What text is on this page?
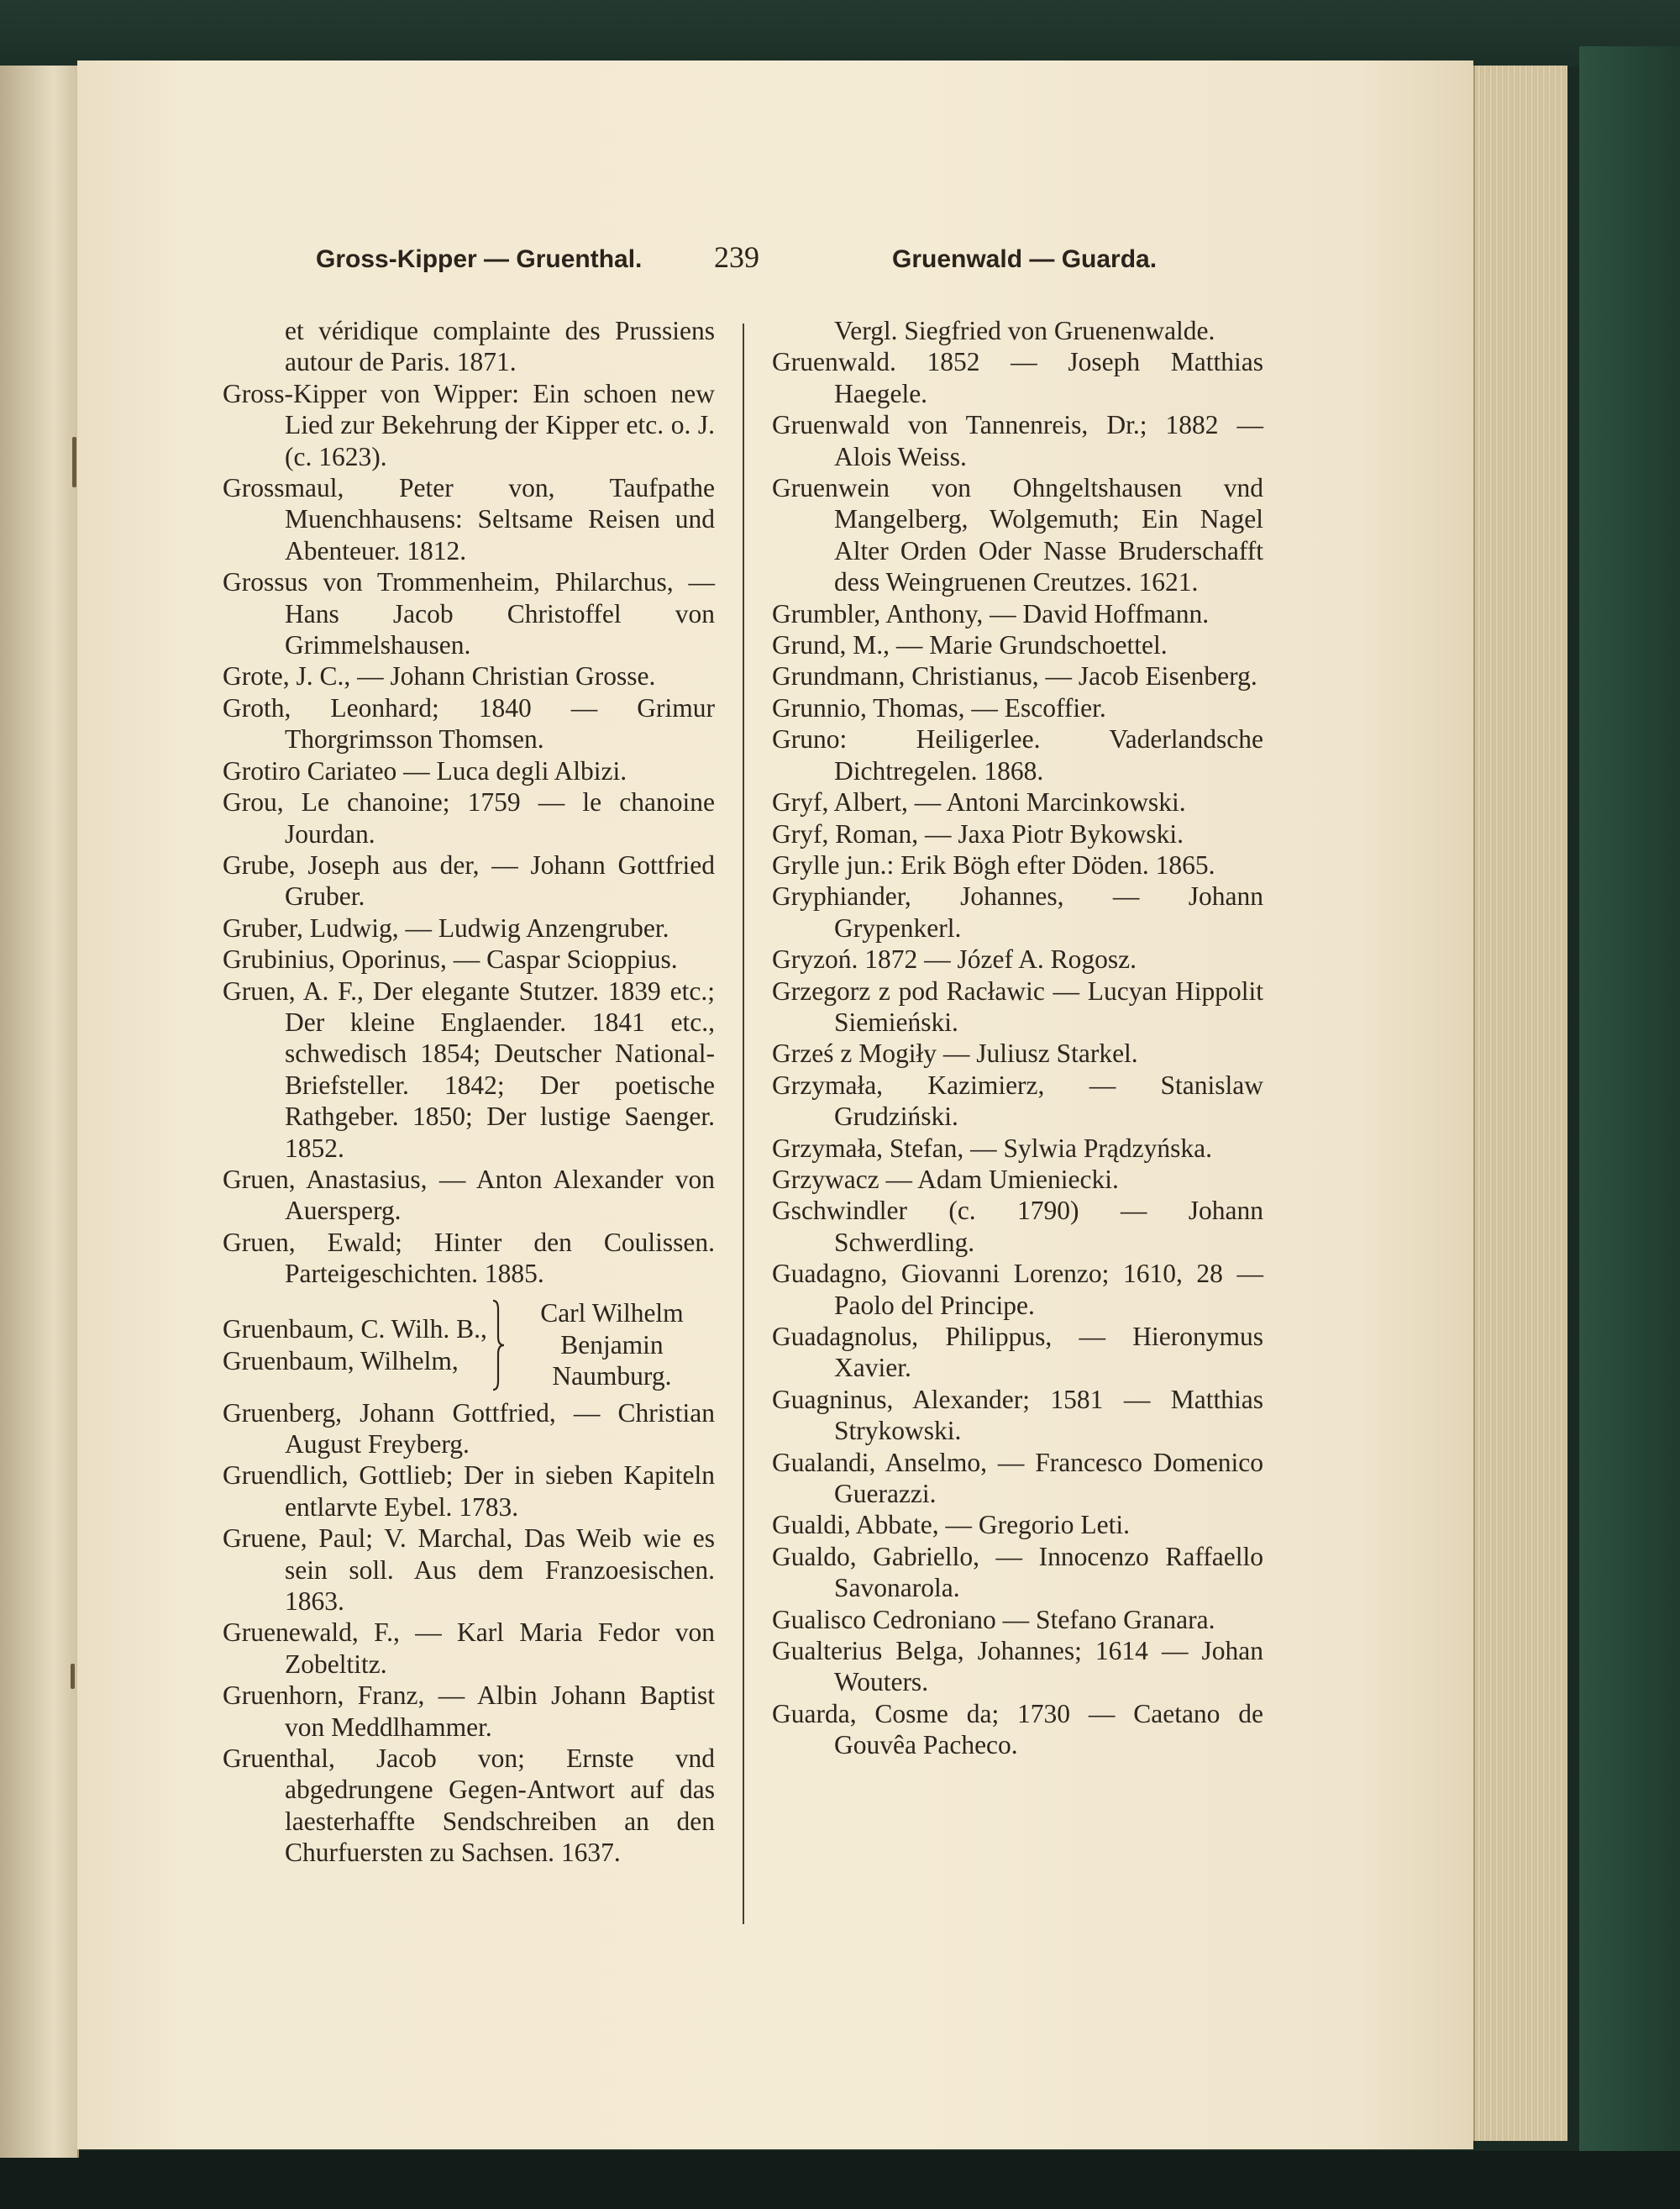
Gross-Kipper — Gruenthal. 239	Gruenwald — Guarda.

et véridique complainte des Prussiens autour de Paris. 1871.

Gross-Kipper von Wipper: Ein schoen new Lied zur Bekehrung der Kipper etc. o. J. (c. 1623).

Grossmaul, Peter von, Taufpathe Muenchhausens: Seltsame Reisen und Abenteuer. 1812.

Grossus von Trommenheim, Philarchus, — Hans Jacob Christoffel von Grimmelshausen.

Grote, J. C., — Johann Christian Grosse.

Groth, Leonhard; 1840 — Grimur Thorgrimsson Thomsen.

Grotiro Cariateo — Luca degli Albizi.

Grou, Le chanoine; 1759 — le chanoine Jourdan.

Grube, Joseph aus der, — Johann Gottfried Gruber.

Gruber, Ludwig, — Ludwig Anzengruber.

Grubinius, Oporinus, — Caspar Scioppius.

Gruen, A. F., Der elegante Stutzer. 1839 etc.; Der kleine Englaender. 1841 etc., schwedisch 1854; Deutscher National-Briefsteller. 1842; Der poetische Rathgeber. 1850; Der lustige Saenger. 1852.

Gruen, Anastasius, — Anton Alexander von Auersperg.

Gruen, Ewald; Hinter den Coulissen. Parteigeschichten. 1885.

Gruenbaum, C. Wilh. B.,
Gruenbaum, Wilhelm,
Carl Wilhelm
Benjamin
Naumburg.

Gruenberg, Johann Gottfried, — Christian August Freyberg.

Gruendlich, Gottlieb; Der in sieben Kapiteln entlarvte Eybel. 1783.

Gruene, Paul; V. Marchal, Das Weib wie es sein soll. Aus dem Franzoesischen. 1863.

Gruenewald, F., — Karl Maria Fedor von Zobeltitz.

Gruenhorn, Franz, — Albin Johann Baptist von Meddlhammer.

Gruenthal, Jacob von; Ernste vnd abgedrungene Gegen-Antwort auf das laesterhaffte Sendschreiben an den Churfuersten zu Sachsen. 1637.

Vergl. Siegfried von Gruenenwalde.

Gruenwald. 1852 — Joseph Matthias Haegele.

Gruenwald von Tannenreis, Dr.; 1882 — Alois Weiss.

Gruenwein von Ohngeltshausen vnd Mangelberg, Wolgemuth; Ein Nagel Alter Orden Oder Nasse Bruderschafft dess Weingruenen Creutzes. 1621.

Grumbler, Anthony, — David Hoffmann.

Grund, M., — Marie Grundschoettel.

Grundmann, Christianus, — Jacob Eisenberg.

Grunnio, Thomas, — Escoffier.

Gruno: Heiligerlee. Vaderlandsche Dichtregelen. 1868.

Gryf, Albert, — Antoni Marcinkowski.

Gryf, Roman, — Jaxa Piotr Bykowski.

Grylle jun.: Erik Bögh efter Döden. 1865.

Gryphiander, Johannes, — Johann Grypenkerl.

Gryzoń. 1872 — Józef A. Rogosz.

Grzegorz z pod Racławic — Lucyan Hippolit Siemieński.

Grześ z Mogiły — Juliusz Starkel.

Grzymała, Kazimierz, — Stanislaw Grudziński.

Grzymała, Stefan, — Sylwia Prądzyńska.

Grzywacz — Adam Umieniecki.

Gschwindler (c. 1790) — Johann Schwerdling.

Guadagno, Giovanni Lorenzo; 1610, 28 — Paolo del Principe.

Guadagnolus, Philippus, — Hieronymus Xavier.

Guagninus, Alexander; 1581 — Matthias Strykowski.

Gualandi, Anselmo, — Francesco Domenico Guerazzi.

Gualdi, Abbate, — Gregorio Leti.

Gualdo, Gabriello, — Innocenzo Raffaello Savonarola.

Gualisco Cedroniano — Stefano Granara.

Gualterius Belga, Johannes; 1614 — Johan Wouters.

Guarda, Cosme da; 1730 — Caetano de Gouvêa Pacheco.
